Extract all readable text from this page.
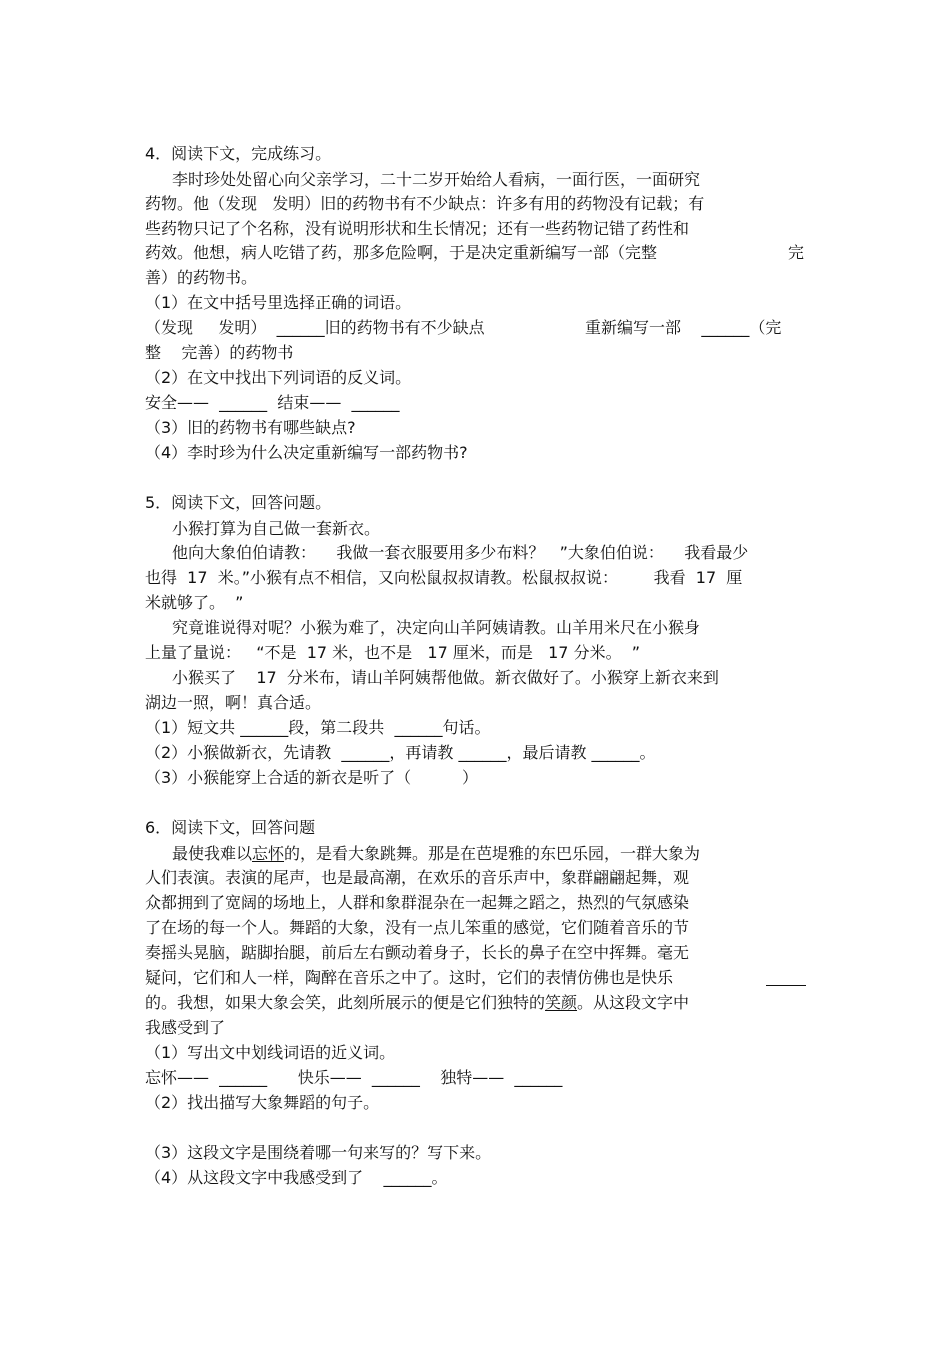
4．阅读下文，完成练习。
李时珍处处留心向父亲学习，二十二岁开始给人看病，一面行医，一面研究
药物。他（发现   发明）旧的药物书有不少缺点：许多有用的药物没有记载；有
些药物只记了个名称，没有说明形状和生长情况；还有一些药物记错了药性和
药效。他想，病人吃错了药，那多危险啊，于是决定重新编写一部（完整	完
善）的药物书。
（1）在文中括号里选择正确的词语。
（发现     发明）  ______旧的药物书有不少缺点	重新编写一部    ______（完
整    完善）的药物书
（2）在文中找出下列词语的反义词。
安全——  ______  结束——  ______
（3）旧的药物书有哪些缺点?
（4）李时珍为什么决定重新编写一部药物书?
5．阅读下文，回答问题。
小猴打算为自己做一套新衣。
他向大象伯伯请教：    我做一套衣服要用多少布料？   ”大象伯伯说：    我看最少
也得  17  米。”小猴有点不相信，又向松鼠叔叔请教。松鼠叔叔说：       我看  17  厘
米就够了。  ”
究竟谁说得对呢？小猴为难了，决定向山羊阿姨请教。山羊用米尺在小猴身
上量了量说：   “不是  17 米，也不是   17 厘米，而是   17 分米。  ”
小猴买了    17  分米布，请山羊阿姨帮他做。新衣做好了。小猴穿上新衣来到
湖边一照，啊！真合适。
（1）短文共 ______段，第二段共  ______句话。
（2）小猴做新衣，先请教  ______，再请教 ______，最后请教 ______。
（3）小猴能穿上合适的新衣是听了（          ）
6．阅读下文，回答问题
最使我难以忘怀的，是看大象跳舞。那是在芭堤雅的东巴乐园，一群大象为
人们表演。表演的尾声，也是最高潮，在欢乐的音乐声中，象群翩翩起舞，观
众都拥到了宽阔的场地上，人群和象群混杂在一起舞之蹈之，热烈的气氛感染
了在场的每一个人。舞蹈的大象，没有一点儿笨重的感觉，它们随着音乐的节
奏摇头晃脑，踮脚抬腿，前后左右颤动着身子，长长的鼻子在空中挥舞。毫无
疑问，它们和人一样，陶醉在音乐之中了。这时，它们的表情仿佛也是快乐
的。我想，如果大象会笑，此刻所展示的便是它们独特的笑颜。从这段文字中
我感受到了
（1）写出文中划线词语的近义词。
忘怀——  ______      快乐——  ______    独特——  ______
（2）找出描写大象舞蹈的句子。
（3）这段文字是围绕着哪一句来写的？写下来。
（4）从这段文字中我感受到了    ______。
